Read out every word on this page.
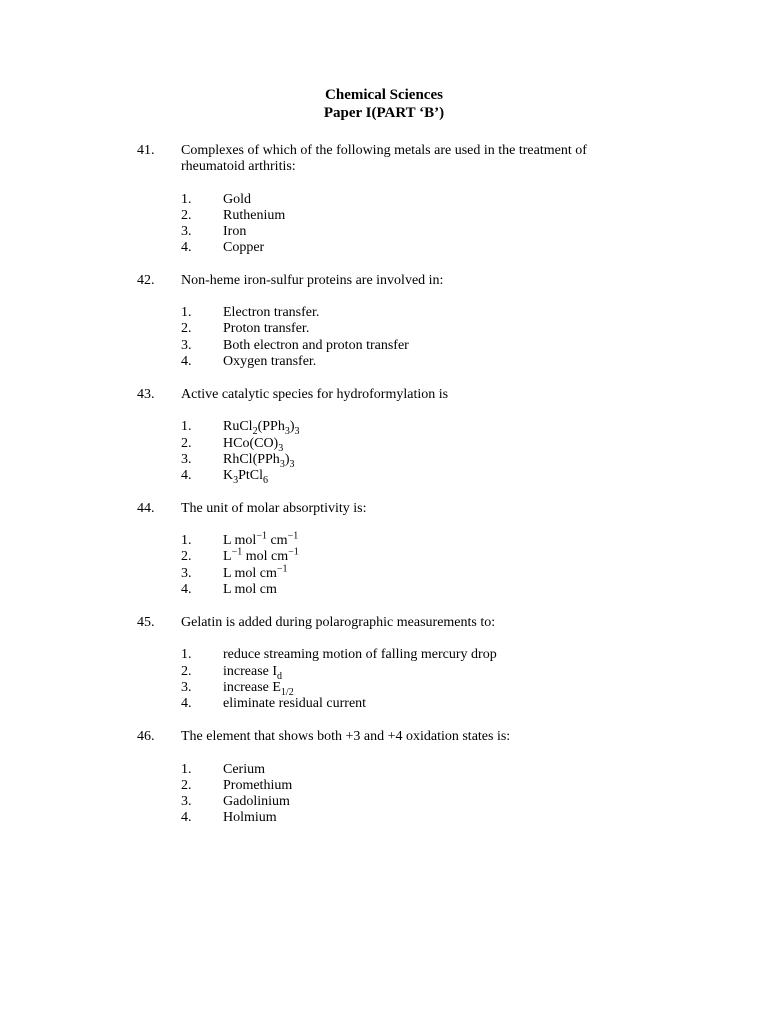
Chemical Sciences
Paper I(PART ‘B’)
41. Complexes of which of the following metals are used in the treatment of rheumatoid arthritis:
1. Gold
2. Ruthenium
3. Iron
4. Copper
42. Non-heme iron-sulfur proteins are involved in:
1. Electron transfer.
2. Proton transfer.
3. Both electron and proton transfer
4. Oxygen transfer.
43. Active catalytic species for hydroformylation is
1. $RuCl_2(PPh_3)_3$
2. $HCo(CO)_3$
3. $RhCl(PPh_3)_3$
4. $K_3PtCl_6$
44. The unit of molar absorptivity is:
1. L mol$^{-1}$ $cm^{-1}$
2. $L^{-1}$ mol $cm^{-1}$
3. L mol $cm^{-1}$
4. L mol cm
45. Gelatin is added during polarographic measurements to:
1. reduce streaming motion of falling mercury drop
2. increase $I_d$
3. increase $E_{1/2}$
4. eliminate residual current
46. The element that shows both +3 and +4 oxidation states is:
1. Cerium
2. Promethium
3. Gadolinium
4. Holmium
